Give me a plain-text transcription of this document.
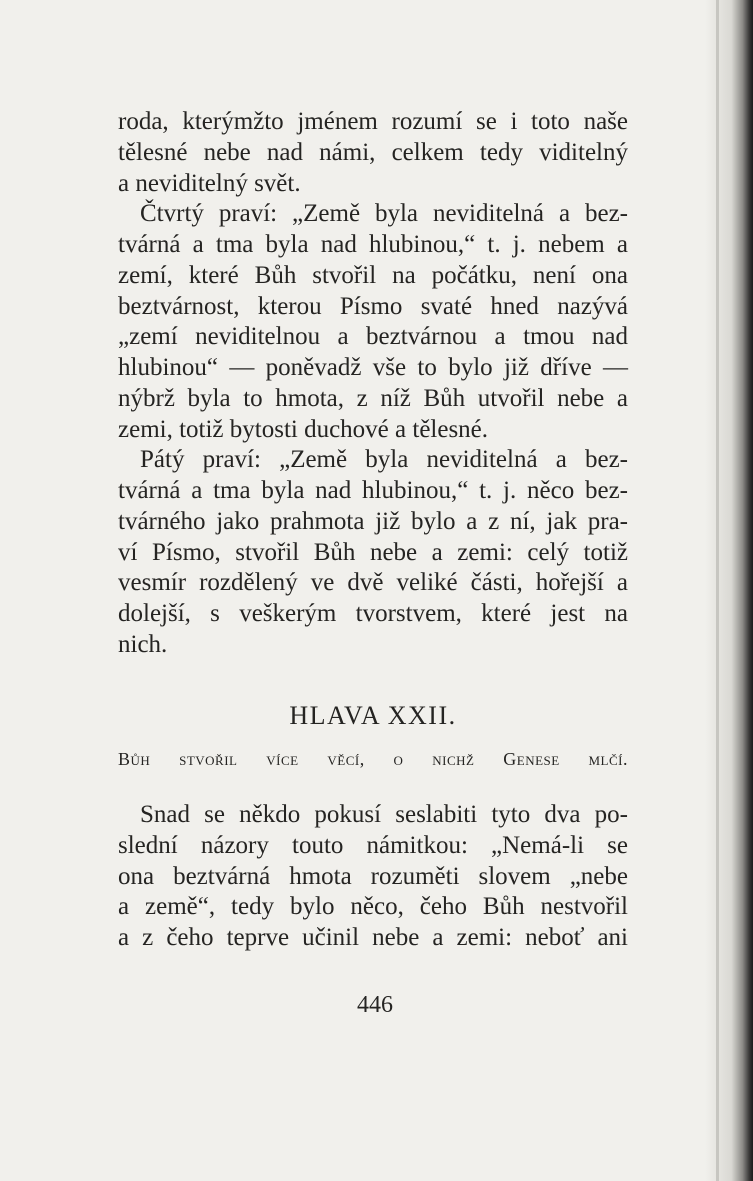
roda, kterýmžto jménem rozumí se i toto naše
tělesné nebe nad námi, celkem tedy viditelný
a neviditelný svět.
Čtvrtý praví: „Země byla neviditelná a bez-
tvárná a tma byla nad hlubinou,“ t. j. nebem a
zemí, které Bůh stvořil na počátku, není ona
beztvárnost, kterou Písmo svaté hned nazývá
„zemí neviditelnou a beztvárnou a tmou nad
hlubinou“ — poněvadž vše to bylo již dříve —
nýbrž byla to hmota, z níž Bůh utvořil nebe a
zemi, totiž bytosti duchové a tělesné.
Pátý praví: „Země byla neviditelná a bez-
tvárná a tma byla nad hlubinou,“ t. j. něco bez-
tvárného jako prahmota již bylo a z ní, jak pra-
ví Písmo, stvořil Bůh nebe a zemi: celý totiž
vesmír rozdělený ve dvě veliké části, hořejší a
dolejší, s veškerým tvorstvem, které jest na
nich.
HLAVA XXII.
Bůh stvořil více věcí, o nichž Genese mlčí.
Snad se někdo pokusí seslabiti tyto dva po-
slední názory touto námitkou: „Nemá-li se
ona beztvárná hmota rozuměti slovem „nebe
a země“, tedy bylo něco, čeho Bůh nestvořil
a z čeho teprve učinil nebe a zemi: neboť ani
446
